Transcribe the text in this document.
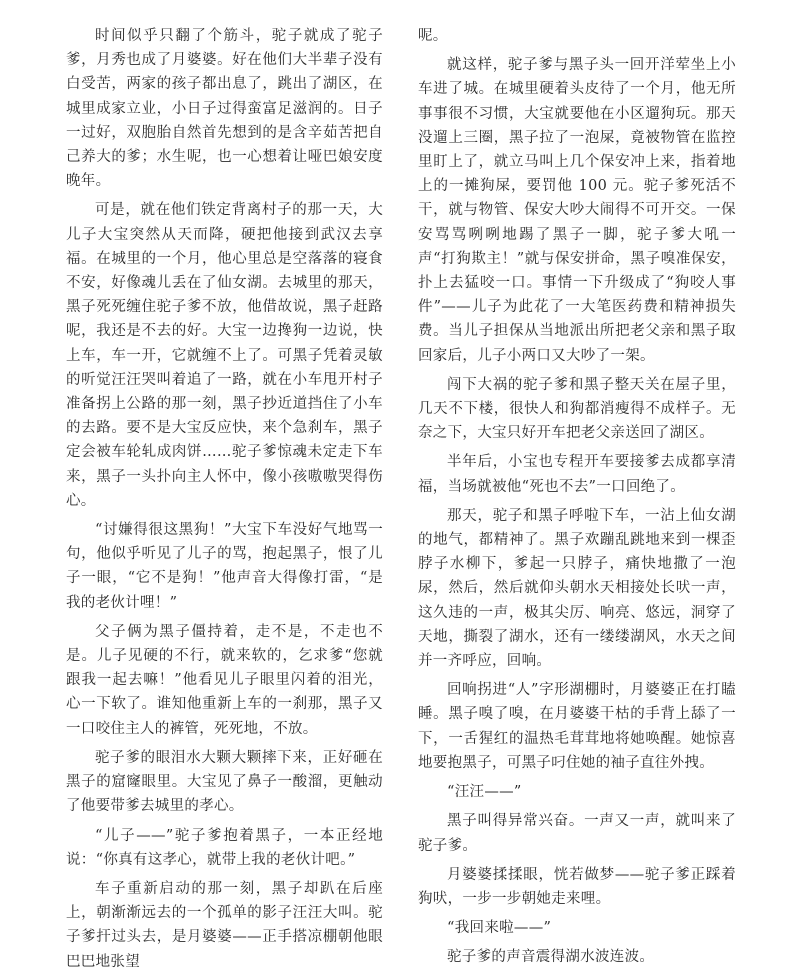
时间似乎只翻了个筋斗，驼子就成了驼子爹，月秀也成了月婆婆。好在他们大半辈子没有白受苦，两家的孩子都出息了，跳出了湖区，在城里成家立业，小日子过得蛮富足滋润的。日子一过好，双胞胎自然首先想到的是含辛茹苦把自己养大的爹；水生呢，也一心想着让哑巴娘安度晚年。

可是，就在他们铁定背离村子的那一天，大儿子大宝突然从天而降，硬把他接到武汉去享福。在城里的一个月，他心里总是空落落的寝食不安，好像魂儿丢在了仙女湖。去城里的那天，黑子死死缠住驼子爹不放，他借故说，黑子赶路呢，我还是不去的好。大宝一边搀狗一边说，快上车，车一开，它就缠不上了。可黑子凭着灵敏的听觉汪汪哭叫着追了一路，就在小车甩开村子准备拐上公路的那一刻，黑子抄近道挡住了小车的去路。要不是大宝反应快，来个急刹车，黑子定会被车轮轧成肉饼……驼子爹惊魂未定走下车来，黑子一头扑向主人怀中，像小孩嗷嗷哭得伤心。

“讨嫌得很这黑狗！”大宝下车没好气地骂一句，他似乎听见了儿子的骂，抱起黑子，恨了儿子一眼，“它不是狗！”他声音大得像打雷，“是我的老伙计哩！”

父子俩为黑子僵持着，走不是，不走也不是。儿子见硬的不行，就来软的，乞求爹“您就跟我一起去嘛！”他看见儿子眼里闪着的泪光，心一下软了。谁知他重新上车的一刹那，黑子又一口咬住主人的裤管，死死地，不放。

驼子爹的眼泪水大颗大颗摔下来，正好砸在黑子的窟窿眼里。大宝见了鼻子一酸溜，更触动了他要带爹去城里的孝心。

“儿子——”驼子爹抱着黑子，一本正经地说：“你真有这孝心，就带上我的老伙计吧。”

车子重新启动的那一刻，黑子却趴在后座上，朝渐渐远去的一个孤单的影子汪汪大叫。驼子爹扞过头去，是月婆婆——正手搭凉棚朝他眼巴巴地张望

呢。

就这样，驼子爹与黑子头一回开洋荤坐上小车进了城。在城里硬着头皮待了一个月，他无所事事很不习惯，大宝就要他在小区遛狗玩。那天没遛上三圈，黑子拉了一泡屎，竟被物管在监控里盯上了，就立马叫上几个保安冲上来，指着地上的一摊狗屎，要罚他 100 元。驼子爹死活不干，就与物管、保安大吵大闹得不可开交。一保安骂骂咧咧地踢了黑子一脚，驼子爹大吼一声“打狗欺主！”就与保安拼命，黑子嗅准保安，扑上去猛咬一口。事情一下升级成了“狗咬人事件”——儿子为此花了一大笔医药费和精神损失费。当儿子担保从当地派出所把老父亲和黑子取回家后，儿子小两口又大吵了一架。

闯下大祸的驼子爹和黑子整天关在屋子里，几天不下楼，很快人和狗都消瘦得不成样子。无奈之下，大宝只好开车把老父亲送回了湖区。

半年后，小宝也专程开车要接爹去成都享清福，当场就被他“死也不去”一口回绝了。

那天，驼子和黑子呼啦下车，一沾上仙女湖的地气，都精神了。黑子欢蹦乱跳地来到一棵歪脖子水柳下，爹起一只脖子，痛快地撒了一泡尿，然后，然后就仰头朝水天相接处长吠一声，这久违的一声，极其尖厉、响亮、悠远，洞穿了天地，撕裂了湖水，还有一缕缕湖风，水天之间并一齐呼应，回响。

回响拐进“人”字形湖棚时，月婆婆正在打瞌睡。黑子嗅了嗅，在月婆婆干枯的手背上舔了一下，一舌猩红的温热毛茸茸地将她唤醒。她惊喜地要抱黑子，可黑子叼住她的袖子直往外拽。

“汪汪——”

黑子叫得异常兴奋。一声又一声，就叫来了驼子爹。

月婆婆揉揉眼，恍若做梦——驼子爹正踩着狗吠，一步一步朝她走来哩。

“我回来啦——”

驼子爹的声音震得湖水波连波。
